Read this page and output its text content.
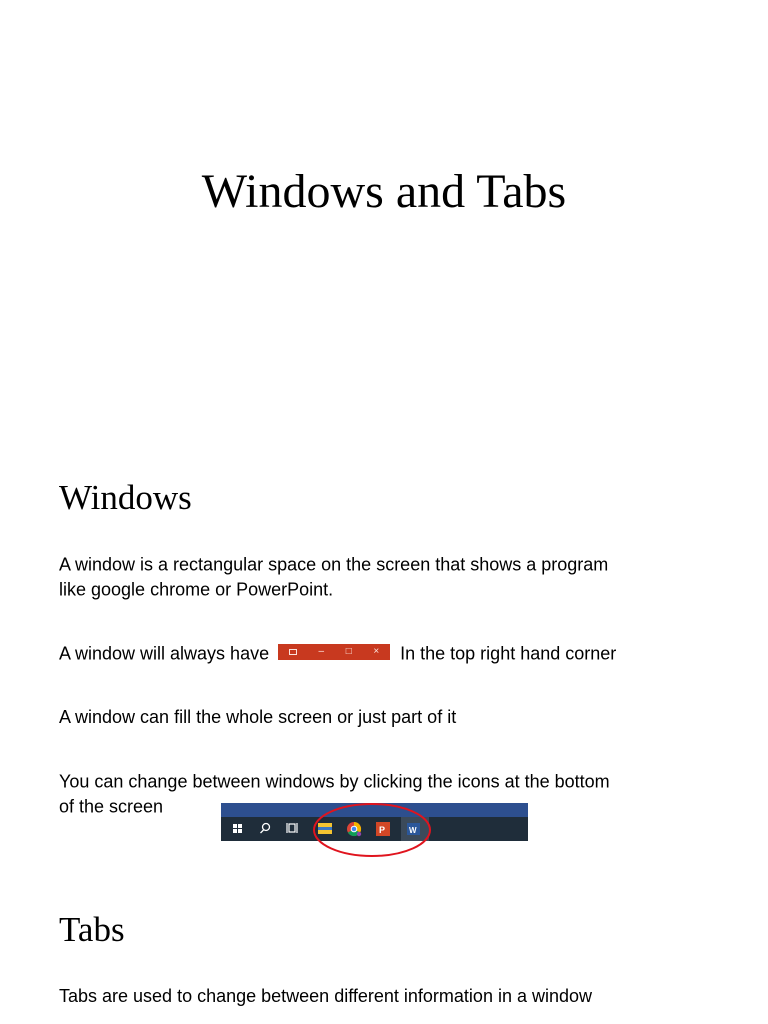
Windows and Tabs
Windows

A window is a rectangular space on the screen that shows a program
like google chrome or PowerPoint.

A window will always have	– □ × In the top right hand corner

A window can fill the whole screen or just part of it

You can change between windows by clicking the icons at the bottom
of the screen

P	W
Tabs

Tabs are used to change between different information in a window
